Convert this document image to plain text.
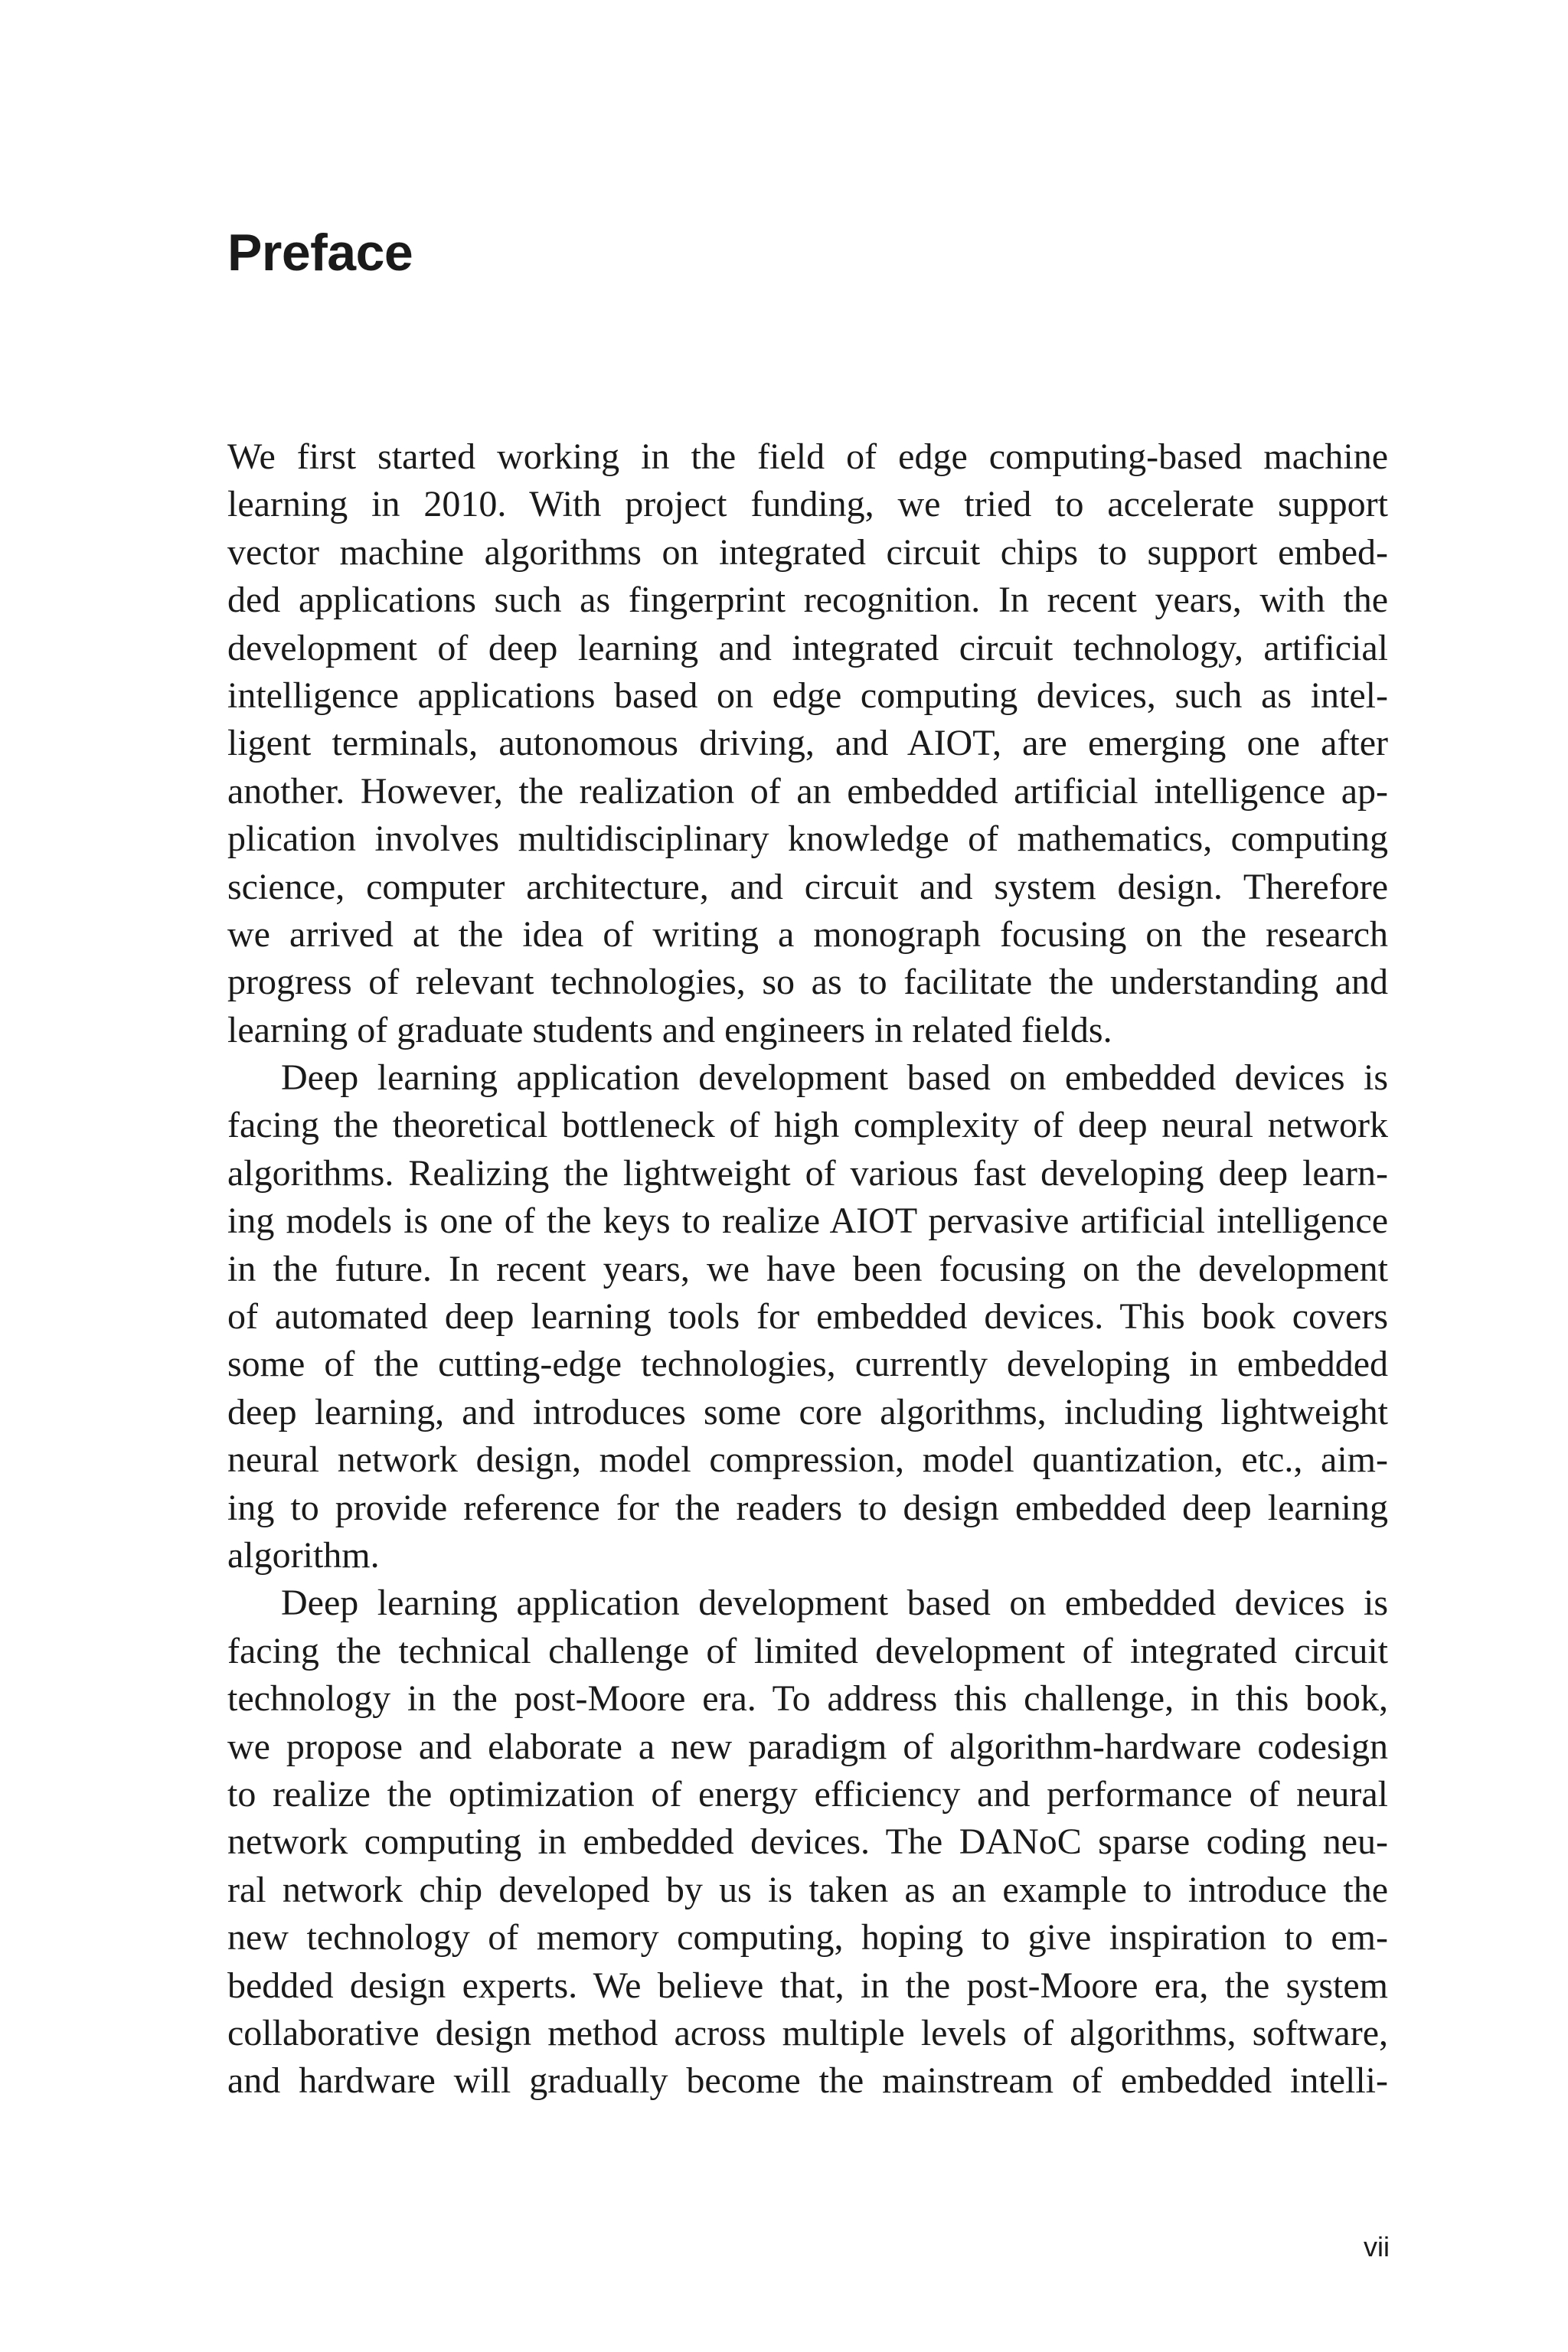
Preface
We first started working in the field of edge computing-based machine
learning in 2010. With project funding, we tried to accelerate support
vector machine algorithms on integrated circuit chips to support embed-
ded applications such as fingerprint recognition. In recent years, with the
development of deep learning and integrated circuit technology, artificial
intelligence applications based on edge computing devices, such as intel-
ligent terminals, autonomous driving, and AIOT, are emerging one after
another. However, the realization of an embedded artificial intelligence ap-
plication involves multidisciplinary knowledge of mathematics, computing
science, computer architecture, and circuit and system design. Therefore
we arrived at the idea of writing a monograph focusing on the research
progress of relevant technologies, so as to facilitate the understanding and
learning of graduate students and engineers in related fields.
Deep learning application development based on embedded devices is
facing the theoretical bottleneck of high complexity of deep neural network
algorithms. Realizing the lightweight of various fast developing deep learn-
ing models is one of the keys to realize AIOT pervasive artificial intelligence
in the future. In recent years, we have been focusing on the development
of automated deep learning tools for embedded devices. This book covers
some of the cutting-edge technologies, currently developing in embedded
deep learning, and introduces some core algorithms, including lightweight
neural network design, model compression, model quantization, etc., aim-
ing to provide reference for the readers to design embedded deep learning
algorithm.
Deep learning application development based on embedded devices is
facing the technical challenge of limited development of integrated circuit
technology in the post-Moore era. To address this challenge, in this book,
we propose and elaborate a new paradigm of algorithm-hardware codesign
to realize the optimization of energy efficiency and performance of neural
network computing in embedded devices. The DANoC sparse coding neu-
ral network chip developed by us is taken as an example to introduce the
new technology of memory computing, hoping to give inspiration to em-
bedded design experts. We believe that, in the post-Moore era, the system
collaborative design method across multiple levels of algorithms, software,
and hardware will gradually become the mainstream of embedded intelli-
vii
